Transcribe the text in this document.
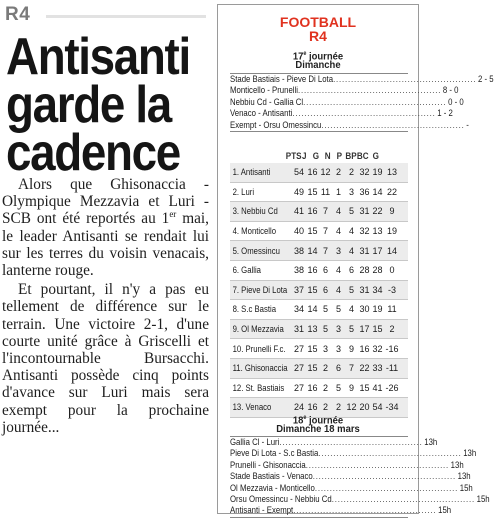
R4
Antisanti garde la cadence

Alors que Ghisonaccia - Olympique Mezzavia et Luri - SCB ont été reportés au 1er mai, le leader Antisanti se rendait lui sur les terres du voisin venacais, lanterne rouge.

Et pourtant, il n'y a pas eu tellement de différence sur le terrain. Une victoire 2-1, d'une courte unité grâce à Griscelli et l'incontournable Bursacchi. Antisanti possède cinq points d'avance sur Luri mais sera exempt pour la prochaine journée...

FOOTBALL
R4
17e journée
Dimanche
Stade Bastiais - Pieve Di Lota ................................................ 2 - 5
Monticello - Prunelli ................................................ 8 - 0
Nebbiu Cd - Gallia Cl ................................................ 0 - 0
Venaco - Antisanti ................................................ 1 - 2
Exempt - Orsu Omessincu ................................................ -
PTS J G N P BP BC G
1. Antisanti	54 16 12 2 2 32 19 13
2. Luri	49 15 11 1 3 36 14 22
3. Nebbiu Cd	41 16 7 4 5 31 22 9
4. Monticello	40 15 7 4 4 32 13 19
5. Omessincu	38 14 7 3 4 31 17 14
6. Gallia	38 16 6 4 6 28 28 0
7. Pieve Di Lota 37 15 6 4 5 31 34 -3
8. S.c Bastia	34 14 5 5 4 30 19 11
9. Ol Mezzavia 31 13 5 3 5 17 15 2
10. Prunelli F.c. 27 15 3 3 9 16 32 -16
11. Ghisonaccia 27 15 2 6 7 22 33 -11
12. St. Bastiais 27 16 2 5 9 15 41 -26
13. Venaco	24 16 2 2 12 20 54 -34
18e journée
Dimanche 18 mars
Gallia Cl - Luri ................................................ 13h
Pieve Di Lota - S.c Bastia ................................................ 13h
Prunelli - Ghisonaccia ................................................ 13h
Stade Bastiais - Venaco ................................................ 13h
Ol Mezzavia - Monticello ................................................ 15h
Orsu Omessincu - Nebbiu Cd ................................................ 15h
Antisanti - Exempt ................................................ 15h
